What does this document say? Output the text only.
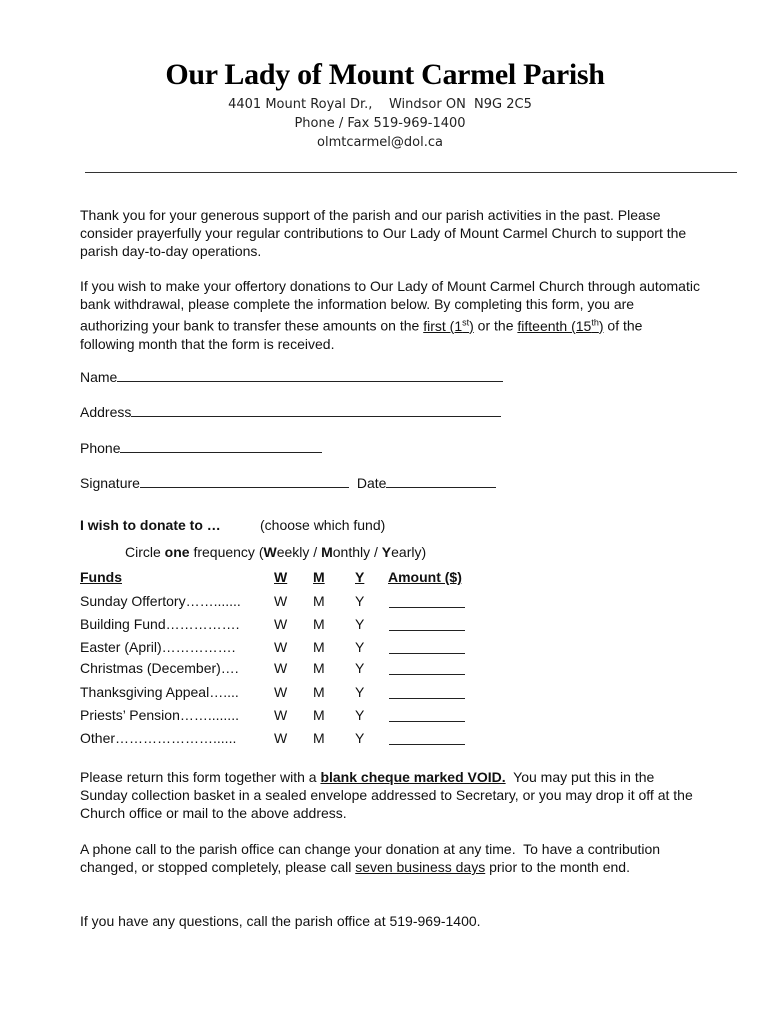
Our Lady of Mount Carmel Parish
4401 Mount Royal Dr.,    Windsor ON  N9G 2C5
Phone / Fax 519-969-1400
olmtcarmel@dol.ca
Thank you for your generous support of the parish and our parish activities in the past. Please consider prayerfully your regular contributions to Our Lady of Mount Carmel Church to support the parish day-to-day operations.
If you wish to make your offertory donations to Our Lady of Mount Carmel Church through automatic bank withdrawal, please complete the information below. By completing this form, you are authorizing your bank to transfer these amounts on the first (1st) or the fifteenth (15th) of the following month that the form is received.
Name
Address
Phone
Signature	Date
I wish to donate to …	(choose which fund)
Circle one frequency (Weekly / Monthly / Yearly)
Funds	W M Y Amount ($)
Sunday Offertory……....... W M Y
Building Fund……………. W M Y
Easter (April)…………….	W M Y
Christmas (December)….	W M Y
Thanksgiving Appeal…....	W M Y
Priests’ Pension……........	W M Y
Other…………………......	W M Y
Please return this form together with a blank cheque marked VOID.  You may put this in the Sunday collection basket in a sealed envelope addressed to Secretary, or you may drop it off at the Church office or mail to the above address.
A phone call to the parish office can change your donation at any time.  To have a contribution changed, or stopped completely, please call seven business days prior to the month end.
If you have any questions, call the parish office at 519-969-1400.
